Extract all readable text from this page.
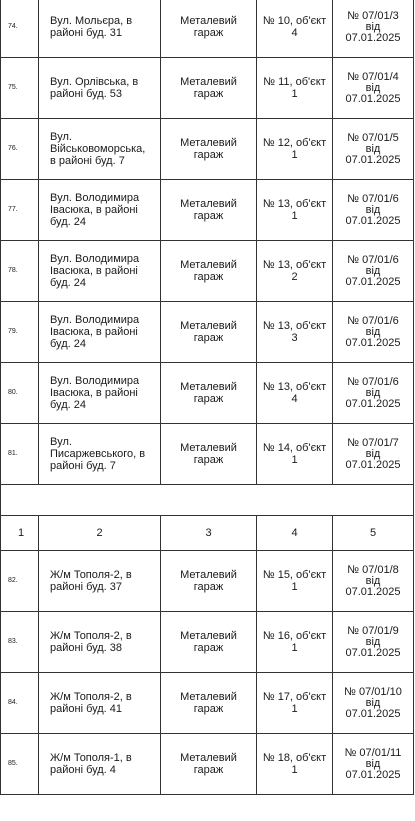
74.	Вул. Мольєра, в районі буд. 31	Металевий гараж	№ 10, об'єкт 4	№ 07/01/3 від 07.01.2025
75.	Вул. Орлівська, в районі буд. 53	Металевий гараж	№ 11, об'єкт 1	№ 07/01/4 від 07.01.2025
76.	Вул. Військовоморська, в районі буд. 7	Металевий гараж	№ 12, об'єкт 1	№ 07/01/5 від 07.01.2025
77.	Вул. Володимира Івасюка, в районі буд. 24	Металевий гараж	№ 13, об'єкт 1	№ 07/01/6 від 07.01.2025
78.	Вул. Володимира Івасюка, в районі буд. 24	Металевий гараж	№ 13, об'єкт 2	№ 07/01/6 від 07.01.2025
79.	Вул. Володимира Івасюка, в районі буд. 24	Металевий гараж	№ 13, об'єкт 3	№ 07/01/6 від 07.01.2025
80.	Вул. Володимира Івасюка, в районі буд. 24	Металевий гараж	№ 13, об'єкт 4	№ 07/01/6 від 07.01.2025
81.	Вул. Писаржевського, в районі буд. 7	Металевий гараж	№ 14, об'єкт 1	№ 07/01/7 від 07.01.2025

1	2	3	4	5
82.	Ж/м Тополя-2, в районі буд. 37	Металевий гараж	№ 15, об'єкт 1	№ 07/01/8 від 07.01.2025
83.	Ж/м Тополя-2, в районі буд. 38	Металевий гараж	№ 16, об'єкт 1	№ 07/01/9 від 07.01.2025
84.	Ж/м Тополя-2, в районі буд. 41	Металевий гараж	№ 17, об'єкт 1	№ 07/01/10 від 07.01.2025
85.	Ж/м Тополя-1, в районі буд. 4	Металевий гараж	№ 18, об'єкт 1	№ 07/01/11 від 07.01.2025
